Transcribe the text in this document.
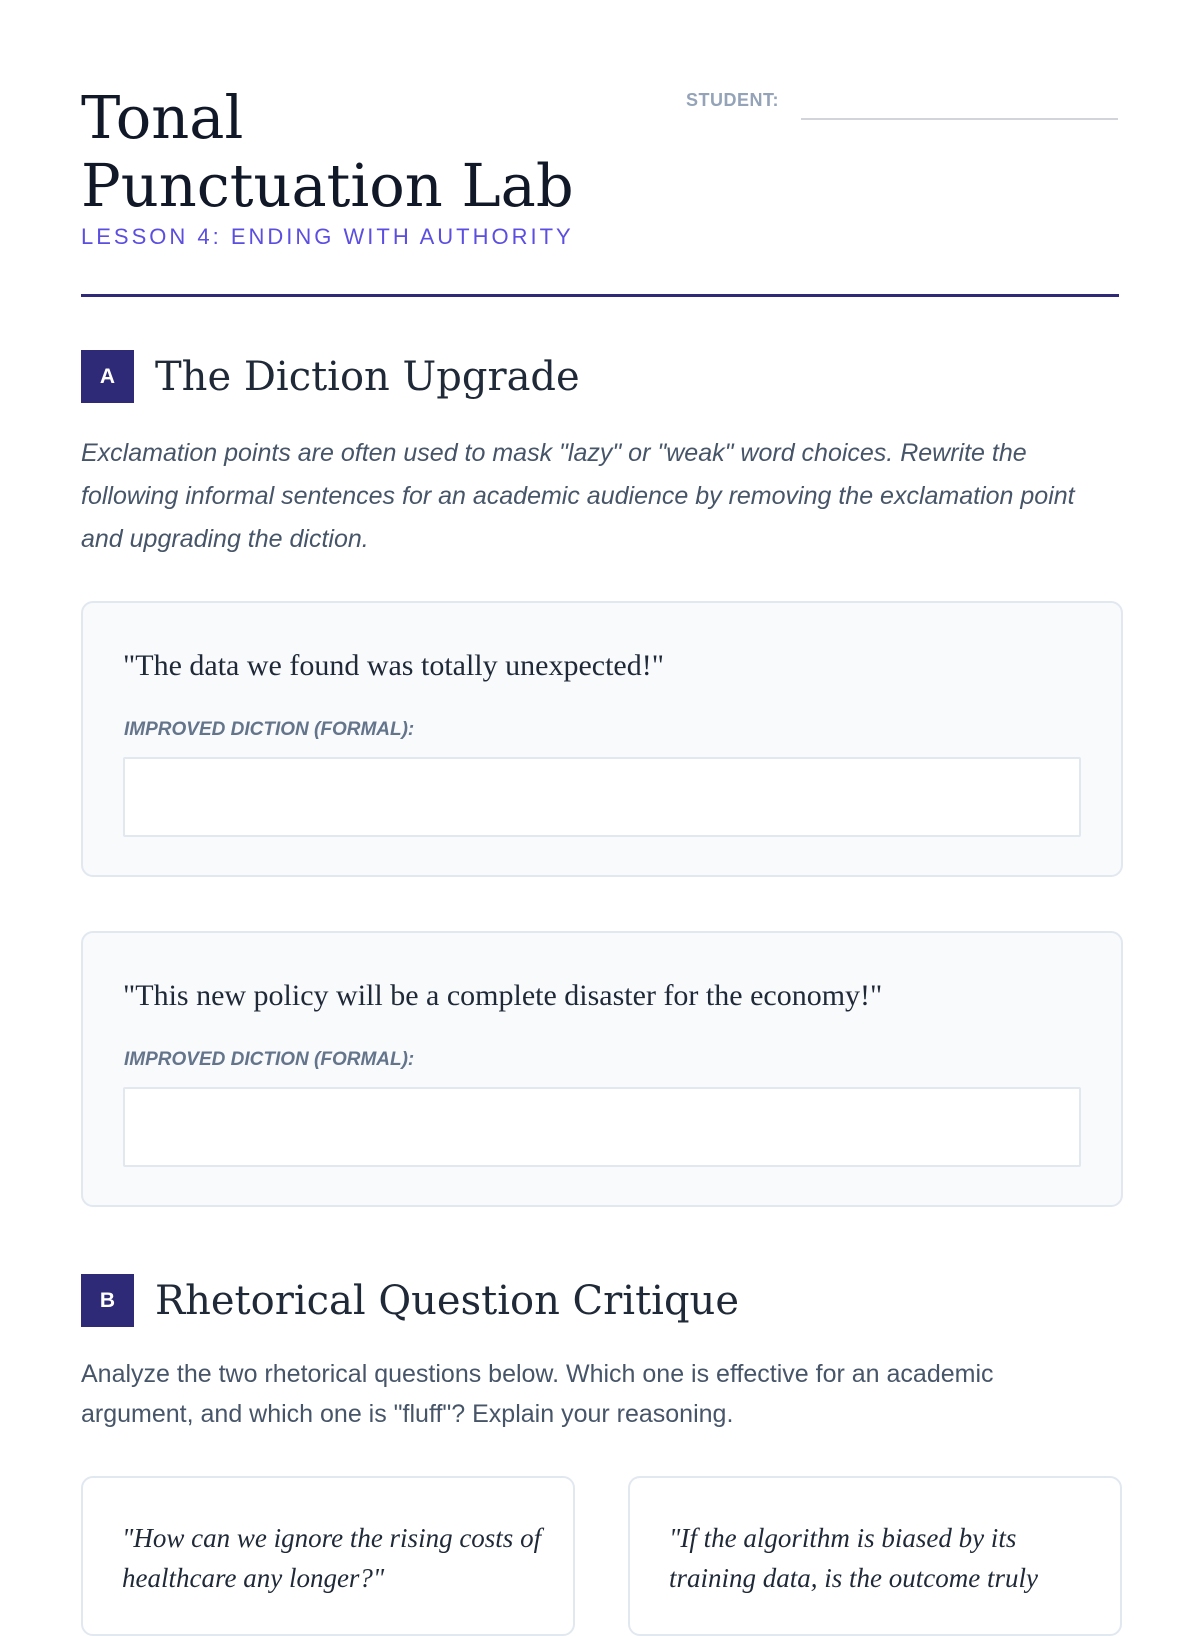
Tonal Punctuation Lab
LESSON 4: ENDING WITH AUTHORITY
STUDENT:
A The Diction Upgrade

Exclamation points are often used to mask "lazy" or "weak" word choices. Rewrite the following informal sentences for an academic audience by removing the exclamation point and upgrading the diction.

"The data we found was totally unexpected!"
IMPROVED DICTION (FORMAL):
"This new policy will be a complete disaster for the economy!"
IMPROVED DICTION (FORMAL):
B Rhetorical Question Critique

Analyze the two rhetorical questions below. Which one is effective for an academic argument, and which one is "fluff"? Explain your reasoning.

"How can we ignore the rising costs of healthcare any longer?"
"If the algorithm is biased by its training data, is the outcome truly
